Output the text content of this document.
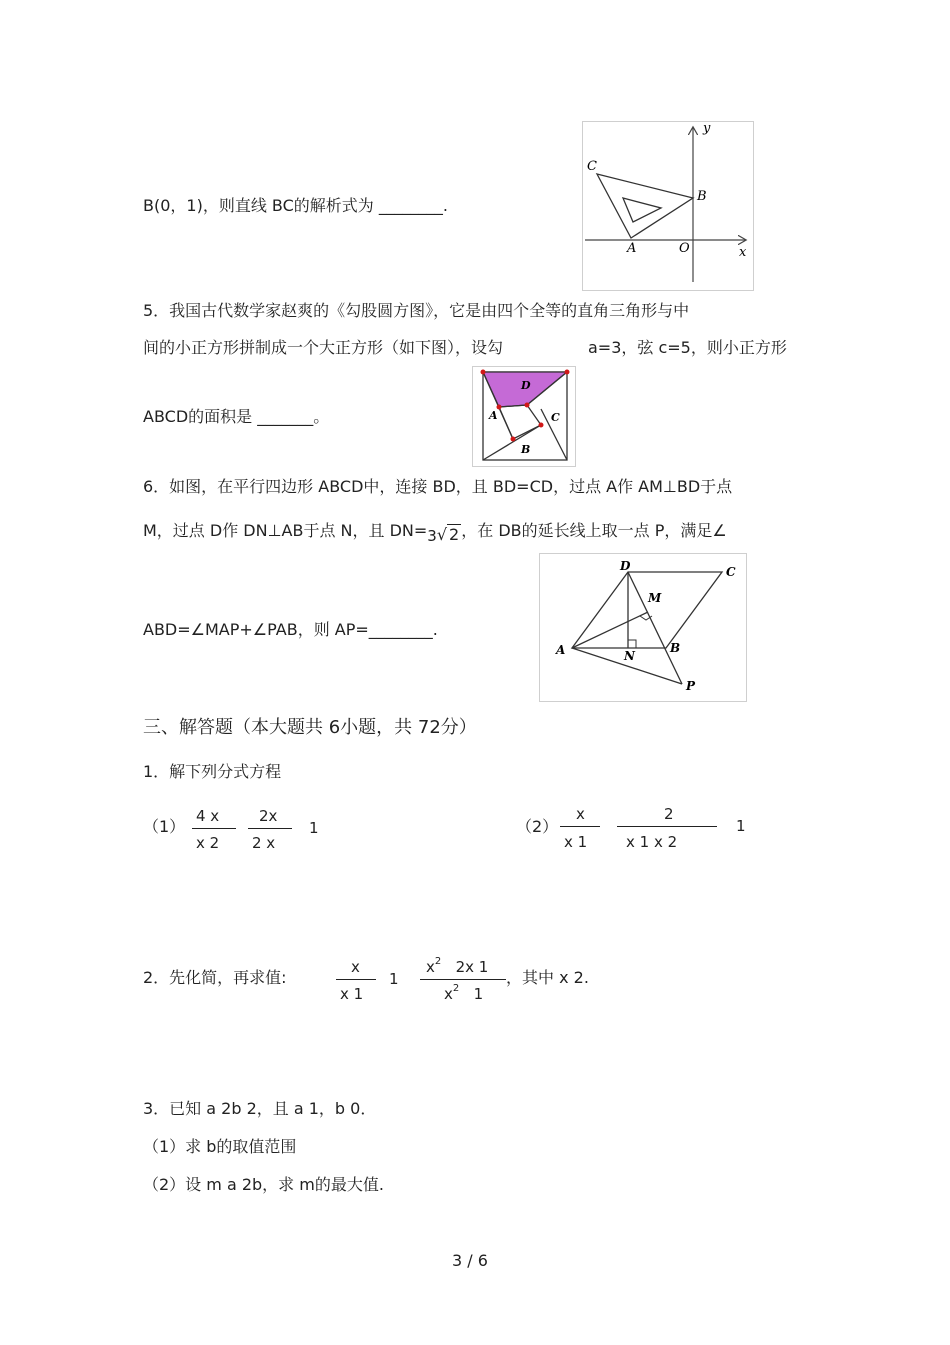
B(0，1)，则直线 BC的解析式为 ________.
C
B
A	O	x
y
5．我国古代数学家赵爽的《勾股圆方图》，它是由四个全等的直角三角形与中
间的小正方形拼制成一个大正方形（如下图），设勾	a=3，弦 c=5，则小正方形
ABCD的面积是 _______。
D
A	C
B
6．如图，在平行四边形 ABCD中，连接 BD，且 BD=CD，过点 A作 AM⊥BD于点
M，过点 D作 DN⊥AB于点 N，且 DN=3√ 2 ，在 DB的延长线上取一点 P，满足∠
ABD=∠MAP+∠PAB，则 AP=________.
D	C
M
A	N
B
P
三、解答题（本大题共 6小题，共 72分）
1．解下列分式方程
（1）
4 x
x 2
2x
2 x
1	（2）
x
x 1
2
x 1 x 2
1
2．先化简，再求值:
x
x 1
1
$x^2$ 2x 1
$x^2$ 1
，其中 x 2.
3．已知 a 2b 2，且 a 1，b 0．
（1）求 b的取值范围
（2）设 m a 2b，求 m的最大值.
3 / 6
